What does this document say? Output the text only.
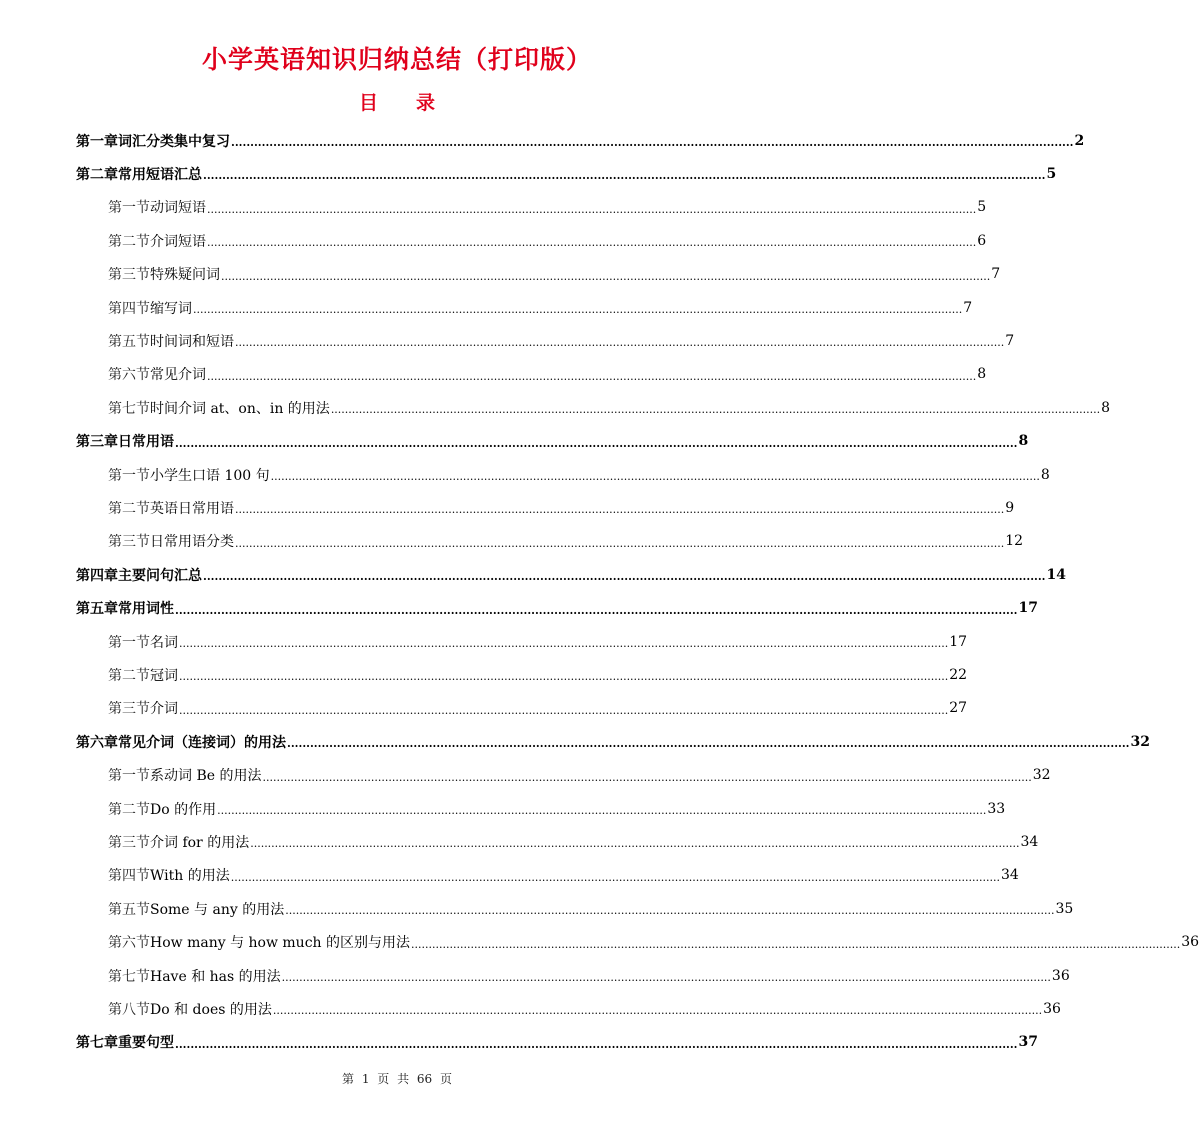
小学英语知识归纳总结（打印版）
目录
第一章 词汇分类集中复习 ............................................................................................................................................................................................................................ 2
第二章 常用短语汇总 ............................................................................................................................................................................................................................ 5
第一节 动词短语 ............................................................................................................................................................................................................................ 5
第二节 介词短语 ............................................................................................................................................................................................................................ 6
第三节 特殊疑问词 ............................................................................................................................................................................................................................ 7
第四节 缩写词 ............................................................................................................................................................................................................................ 7
第五节 时间词和短语 ............................................................................................................................................................................................................................ 7
第六节 常见介词 ............................................................................................................................................................................................................................ 8
第七节 时间介词 at、on、in 的用法 ............................................................................................................................................................................................................................ 8
第三章 日常用语 ............................................................................................................................................................................................................................ 8
第一节 小学生口语 100 句 ............................................................................................................................................................................................................................ 8
第二节 英语日常用语 ............................................................................................................................................................................................................................ 9
第三节 日常用语分类 ............................................................................................................................................................................................................................ 12
第四章 主要问句汇总 ............................................................................................................................................................................................................................ 14
第五章 常用词性 ............................................................................................................................................................................................................................ 17
第一节 名词 ............................................................................................................................................................................................................................ 17
第二节 冠词 ............................................................................................................................................................................................................................ 22
第三节 介词 ............................................................................................................................................................................................................................ 27
第六章 常见介词（连接词）的用法 ............................................................................................................................................................................................................................ 32
第一节 系动词 Be 的用法 ............................................................................................................................................................................................................................ 32
第二节 Do 的作用 ............................................................................................................................................................................................................................ 33
第三节 介词 for 的用法 ............................................................................................................................................................................................................................ 34
第四节 With 的用法 ............................................................................................................................................................................................................................ 34
第五节 Some 与 any 的用法 ............................................................................................................................................................................................................................ 35
第六节 How many 与 how much 的区别与用法 ............................................................................................................................................................................................................................ 36
第七节 Have 和 has 的用法 ............................................................................................................................................................................................................................ 36
第八节 Do 和 does 的用法 ............................................................................................................................................................................................................................ 36
第七章 重要句型 ............................................................................................................................................................................................................................ 37
第 1 页 共 66 页
